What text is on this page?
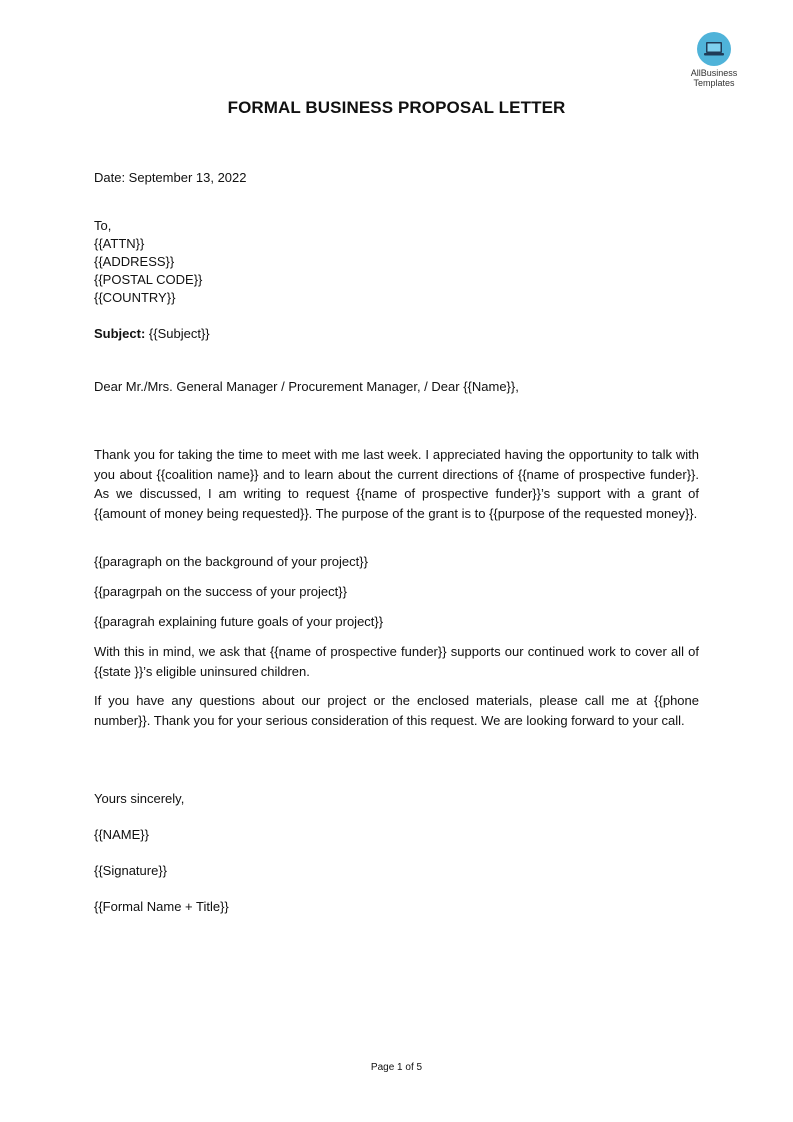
AllBusiness
Templates
FORMAL BUSINESS PROPOSAL LETTER
Date: September 13, 2022
To,
{{ATTN}}
{{ADDRESS}}
{{POSTAL CODE}}
{{COUNTRY}}
Subject: {{Subject}}
Dear Mr./Mrs. General Manager / Procurement Manager, / Dear {{Name}},
Thank you for taking the time to meet with me last week. I appreciated having the opportunity to talk with you about {{coalition name}} and to learn about the current directions of {{name of prospective funder}}. As we discussed, I am writing to request {{name of prospective funder}}’s support with a grant of {{amount of money being requested}}. The purpose of the grant is to {{purpose of the requested money}}.
{{paragraph on the background of your project}}
{{paragrpah on the success of your project}}
{{paragrah explaining future goals of your project}}
With this in mind, we ask that {{name of prospective funder}} supports our continued work to cover all of {{state }}’s eligible uninsured children.
If you have any questions about our project or the enclosed materials, please call me at {{phone number}}. Thank you for your serious consideration of this request. We are looking forward to your call.
Yours sincerely,
{{NAME}}
{{Signature}}
{{Formal Name + Title}}
Page 1 of 5
